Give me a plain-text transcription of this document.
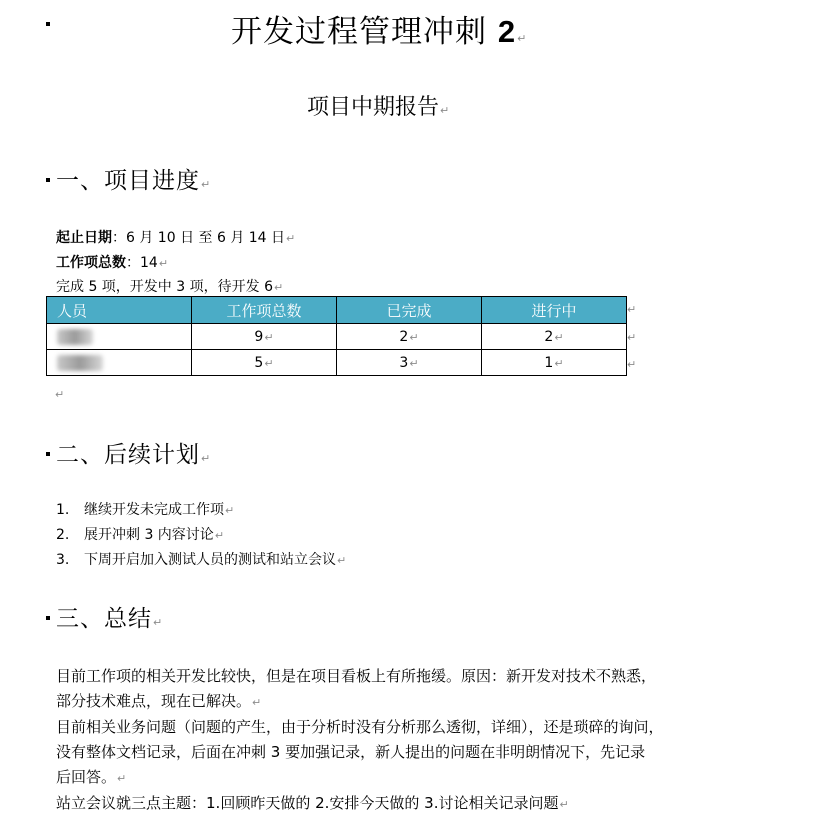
开发过程管理冲刺 2↵
项目中期报告↵
一、项目进度↵
起止日期：6 月 10 日 至 6 月 14 日↵
工作项总数：14↵
完成 5 项，开发中 3 项，待开发 6↵
人员	工作项总数	已完成	进行中
	9↵	2↵	2↵
	5↵	3↵	1↵
↵
↵
↵
↵
二、后续计划↵
1. 继续开发未完成工作项↵
2. 展开冲刺 3 内容讨论↵
3. 下周开启加入测试人员的测试和站立会议↵
三、总结↵
目前工作项的相关开发比较快，但是在项目看板上有所拖缓。原因：新开发对技术不熟悉，
部分技术难点，现在已解决。↵
目前相关业务问题（问题的产生，由于分析时没有分析那么透彻，详细），还是琐碎的询问，
没有整体文档记录，后面在冲刺 3 要加强记录，新人提出的问题在非明朗情况下，先记录
后回答。↵
站立会议就三点主题：1.回顾昨天做的 2.安排今天做的 3.讨论相关记录问题↵
